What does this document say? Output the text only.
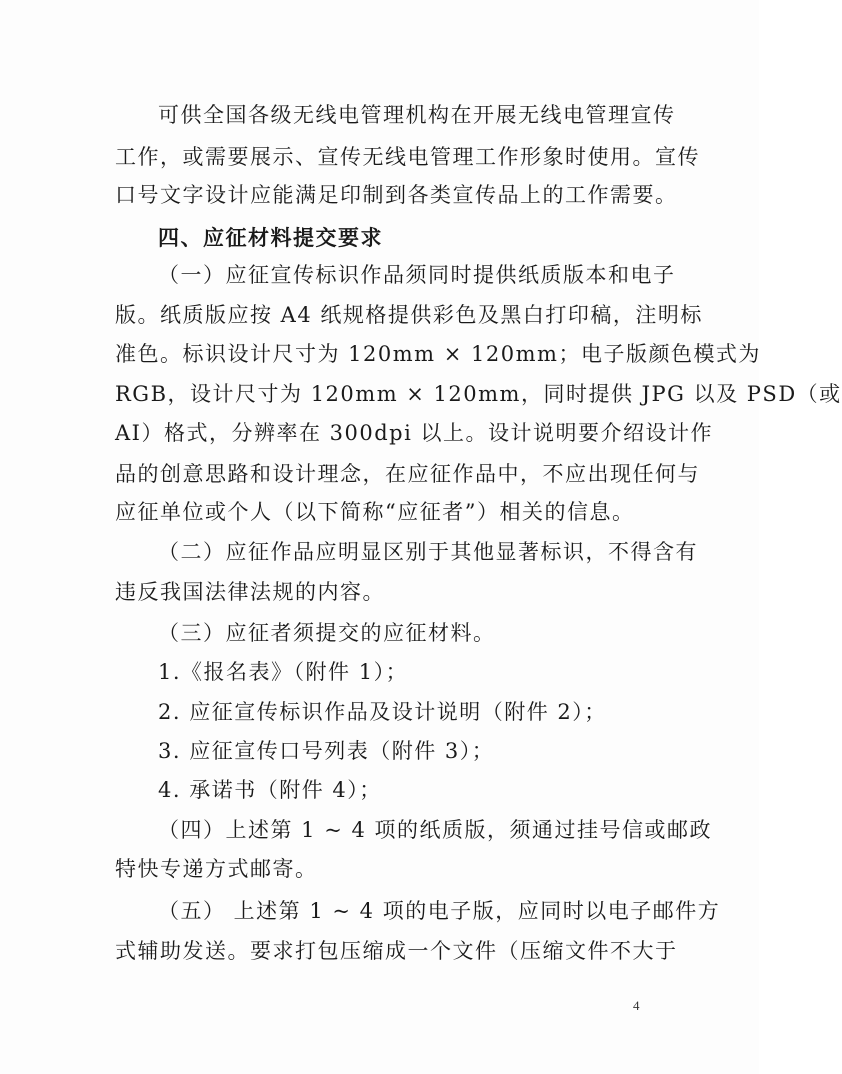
可供全国各级无线电管理机构在开展无线电管理宣传
工作，或需要展示、宣传无线电管理工作形象时使用。宣传
口号文字设计应能满足印制到各类宣传品上的工作需要。
四、应征材料提交要求
（一）应征宣传标识作品须同时提供纸质版本和电子
版。纸质版应按 A4 纸规格提供彩色及黑白打印稿，注明标
准色。标识设计尺寸为 120mm × 120mm；电子版颜色模式为
RGB，设计尺寸为 120mm × 120mm，同时提供 JPG 以及 PSD（或
AI）格式，分辨率在 300dpi 以上。设计说明要介绍设计作
品的创意思路和设计理念，在应征作品中，不应出现任何与
应征单位或个人（以下简称“应征者”）相关的信息。
（二）应征作品应明显区别于其他显著标识，不得含有
违反我国法律法规的内容。
（三）应征者须提交的应征材料。
1.《报名表》（附件 1）；
2. 应征宣传标识作品及设计说明（附件 2）；
3. 应征宣传口号列表（附件 3）；
4. 承诺书（附件 4）；
（四）上述第 1 ~ 4 项的纸质版，须通过挂号信或邮政
特快专递方式邮寄。
（五） 上述第 1 ~ 4 项的电子版，应同时以电子邮件方
式辅助发送。要求打包压缩成一个文件（压缩文件不大于
4
